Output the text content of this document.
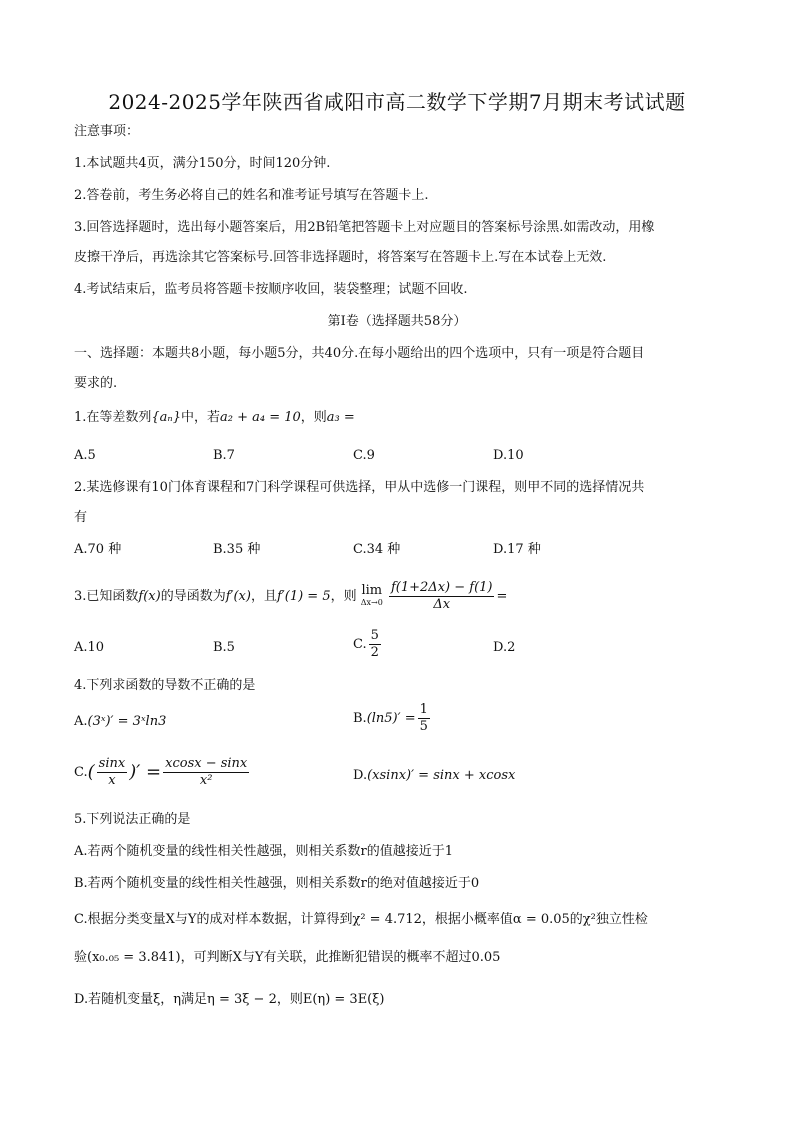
2024-2025学年陕西省咸阳市高二数学下学期7月期末考试试题
注意事项：
1.本试题共4页，满分150分，时间120分钟.
2.答卷前，考生务必将自己的姓名和准考证号填写在答题卡上.
3.回答选择题时，选出每小题答案后，用2B铅笔把答题卡上对应题目的答案标号涂黑.如需改动，用橡
皮擦干净后，再选涂其它答案标号.回答非选择题时，将答案写在答题卡上.写在本试卷上无效.
4.考试结束后，监考员将答题卡按顺序收回，装袋整理；试题不回收.
第Ⅰ卷（选择题共58分）
一、选择题：本题共8小题，每小题5分，共40分.在每小题给出的四个选项中，只有一项是符合题目
要求的.
1.在等差数列{aₙ}中，若a₂ + a₄ = 10，则a₃ =
A.5	B.7	C.9	D.10
2.某选修课有10门体育课程和7门科学课程可供选择，甲从中选修一门课程，则甲不同的选择情况共
有
A.70 种	B.35 种	C.34 种	D.17 种
3.已知函数f(x)的导函数为f′(x)，且f′(1) = 5，则 lim
Δx→0
$\frac{f(1+2\Delta x) - f(1)}{\Delta x}$ =
A.10	B.5	C. $\frac{5}{2}$	D.2
4.下列求函数的导数不正确的是
A.(3ˣ)′ = 3ˣln3	$B.(\ln 5)' = \frac{1}{5}$
$C.( \frac{\sin x}{x}$ )′ = $\frac{xcosx - \sin x}{\text{x²}}$	D.(xsinx)′ = sinx + xcosx
5.下列说法正确的是
A.若两个随机变量的线性相关性越强，则相关系数r的值越接近于1
B.若两个随机变量的线性相关性越强，则相关系数r的绝对值越接近于0
C.根据分类变量X与Y的成对样本数据，计算得到χ² = 4.712，根据小概率值α = 0.05的χ²独立性检
验(x₀.₀₅ = 3.841)，可判断X与Y有关联，此推断犯错误的概率不超过0.05
D.若随机变量ξ，η满足η = 3ξ − 2，则E(η) = 3E(ξ)
